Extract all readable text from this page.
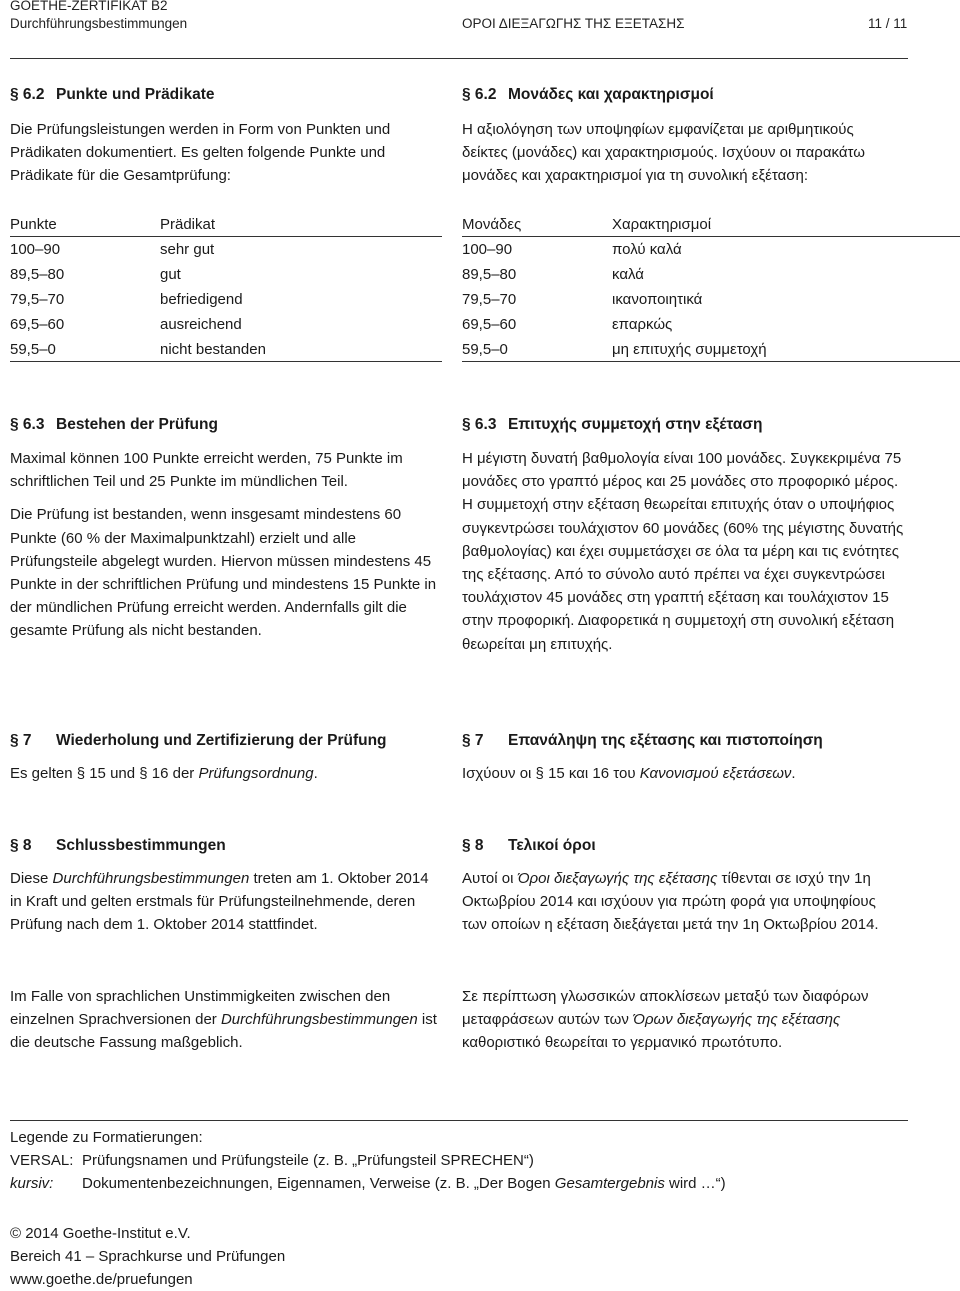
GOETHE-ZERTIFIKAT B2
Durchführungsbestimmungen	ΟΡΟΙ ΔΙΕΞΑΓΩΓΗΣ ΤΗΣ ΕΞΕΤΑΣΗΣ	11 / 11
§ 6.2 Punkte und Prädikate
Die Prüfungsleistungen werden in Form von Punkten und Prädikaten dokumentiert. Es gelten folgende Punkte und Prädikate für die Gesamtprüfung:
Punkte	Prädikat
100–90	sehr gut
89,5–80	gut
79,5–70	befriedigend
69,5–60	ausreichend
59,5–0	nicht bestanden
§ 6.2 Μονάδες και χαρακτηρισμοί
Η αξιολόγηση των υποψηφίων εμφανίζεται με αριθμητικούς δείκτες (μονάδες) και χαρακτηρισμούς. Ισχύουν οι παρακάτω μονάδες και χαρακτηρισμοί για τη συνολική εξέταση:
Μονάδες	Χαρακτηρισμοί
100–90	πολύ καλά
89,5–80	καλά
79,5–70	ικανοποιητικά
69,5–60	επαρκώς
59,5–0	μη επιτυχής συμμετοχή
§ 6.3 Bestehen der Prüfung

Maximal können 100 Punkte erreicht werden, 75 Punkte im schriftlichen Teil und 25 Punkte im mündlichen Teil.

Die Prüfung ist bestanden, wenn insgesamt mindestens 60 Punkte (60 % der Maximalpunktzahl) erzielt und alle Prüfungsteile abgelegt wurden. Hiervon müssen mindestens 45 Punkte in der schriftlichen Prüfung und mindestens 15 Punkte in der mündlichen Prüfung erreicht werden. Andernfalls gilt die gesamte Prüfung als nicht bestanden.

§ 6.3 Επιτυχής συμμετοχή στην εξέταση

Η μέγιστη δυνατή βαθμολογία είναι 100 μονάδες. Συγκεκριμένα 75 μονάδες στο γραπτό μέρος και 25 μονάδες στο προφορικό μέρος.

Η συμμετοχή στην εξέταση θεωρείται επιτυχής όταν ο υποψήφιος συγκεντρώσει τουλάχιστον 60 μονάδες (60% της μέγιστης δυνατής βαθμολογίας) και έχει συμμετάσχει σε όλα τα μέρη και τις ενότητες της εξέτασης. Από το σύνολο αυτό πρέπει να έχει συγκεντρώσει τουλάχιστον 45 μονάδες στη γραπτή εξέταση και τουλάχιστον 15 στην προφορική. Διαφορετικά η συμμετοχή στη συνολική εξέταση θεωρείται μη επιτυχής.

§ 7	Wiederholung und Zertifizierung der Prüfung
Es gelten § 15 und § 16 der Prüfungsordnung.
§ 7	Επανάληψη της εξέτασης και πιστοποίηση
Ισχύουν οι § 15 και 16 του Κανονισμού εξετάσεων.
§ 8	Schlussbestimmungen
Diese Durchführungsbestimmungen treten am 1. Oktober 2014 in Kraft und gelten erstmals für Prüfungsteilnehmende, deren Prüfung nach dem 1. Oktober 2014 stattfindet.
Im Falle von sprachlichen Unstimmigkeiten zwischen den einzelnen Sprachversionen der Durchführungsbestimmungen ist die deutsche Fassung maßgeblich.
§ 8	Τελικοί όροι
Αυτοί οι Όροι διεξαγωγής της εξέτασης τίθενται σε ισχύ την 1η Οκτωβρίου 2014 και ισχύουν για πρώτη φορά για υποψηφίους των οποίων η εξέταση διεξάγεται μετά την 1η Οκτωβρίου 2014.
Σε περίπτωση γλωσσικών αποκλίσεων μεταξύ των διαφόρων μεταφράσεων αυτών των Όρων διεξαγωγής της εξέτασης καθοριστικό θεωρείται το γερμανικό πρωτότυπο.
Legende zu Formatierungen:
VERSAL: Prüfungsnamen und Prüfungsteile (z. B. „Prüfungsteil SPRECHEN“)
kursiv:	Dokumentenbezeichnungen, Eigennamen, Verweise (z. B. „Der Bogen Gesamtergebnis wird …“)
© 2014 Goethe-Institut e.V.
Bereich 41 – Sprachkurse und Prüfungen
www.goethe.de/pruefungen
